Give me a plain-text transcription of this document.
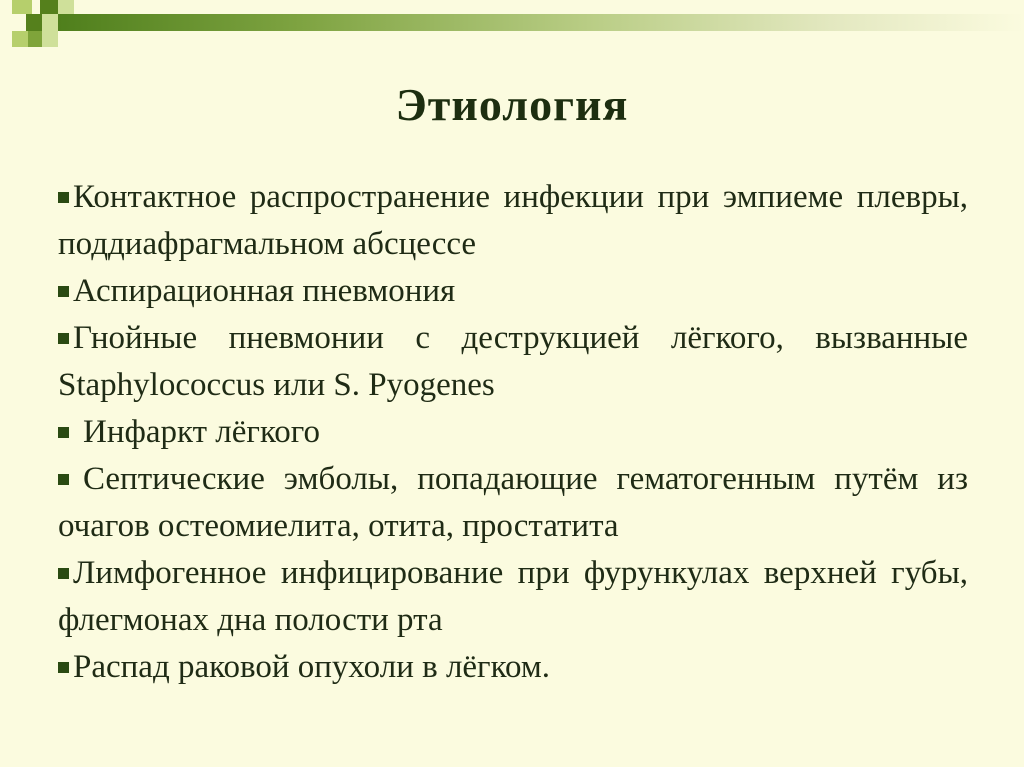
Этиология

Контактное распространение инфекции при эмпиеме плевры, поддиафрагмальном абсцессе

Аспирационная пневмония

Гнойные пневмонии с деструкцией лёгкого, вызванные Staphylococcus или S. Pyogenes

Инфаркт лёгкого

Септические эмболы, попадающие гематогенным путём из очагов остеомиелита, отита, простатита

Лимфогенное инфицирование при фурункулах верхней губы, флегмонах дна полости рта

Распад раковой опухоли в лёгком.
